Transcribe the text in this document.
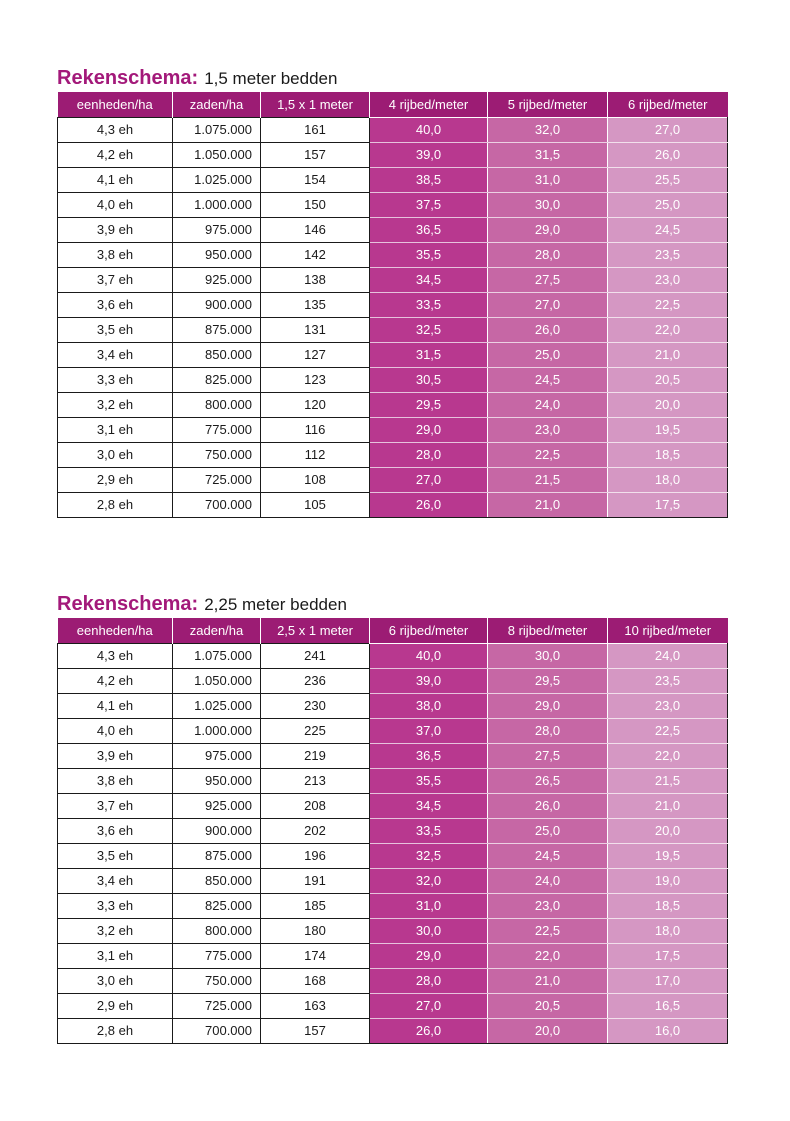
Rekenschema: 1,5 meter bedden
eenheden/ha	zaden/ha	1,5 x 1 meter	4 rijbed/meter	5 rijbed/meter	6 rijbed/meter
4,3 eh	1.075.000	161	40,0	32,0	27,0
4,2 eh	1.050.000	157	39,0	31,5	26,0
4,1 eh	1.025.000	154	38,5	31,0	25,5
4,0 eh	1.000.000	150	37,5	30,0	25,0
3,9 eh	975.000	146	36,5	29,0	24,5
3,8 eh	950.000	142	35,5	28,0	23,5
3,7 eh	925.000	138	34,5	27,5	23,0
3,6 eh	900.000	135	33,5	27,0	22,5
3,5 eh	875.000	131	32,5	26,0	22,0
3,4 eh	850.000	127	31,5	25,0	21,0
3,3 eh	825.000	123	30,5	24,5	20,5
3,2 eh	800.000	120	29,5	24,0	20,0
3,1 eh	775.000	116	29,0	23,0	19,5
3,0 eh	750.000	112	28,0	22,5	18,5
2,9 eh	725.000	108	27,0	21,5	18,0
2,8 eh	700.000	105	26,0	21,0	17,5
Rekenschema: 2,25 meter bedden
eenheden/ha	zaden/ha	2,5 x 1 meter	6 rijbed/meter	8 rijbed/meter	10 rijbed/meter
4,3 eh	1.075.000	241	40,0	30,0	24,0
4,2 eh	1.050.000	236	39,0	29,5	23,5
4,1 eh	1.025.000	230	38,0	29,0	23,0
4,0 eh	1.000.000	225	37,0	28,0	22,5
3,9 eh	975.000	219	36,5	27,5	22,0
3,8 eh	950.000	213	35,5	26,5	21,5
3,7 eh	925.000	208	34,5	26,0	21,0
3,6 eh	900.000	202	33,5	25,0	20,0
3,5 eh	875.000	196	32,5	24,5	19,5
3,4 eh	850.000	191	32,0	24,0	19,0
3,3 eh	825.000	185	31,0	23,0	18,5
3,2 eh	800.000	180	30,0	22,5	18,0
3,1 eh	775.000	174	29,0	22,0	17,5
3,0 eh	750.000	168	28,0	21,0	17,0
2,9 eh	725.000	163	27,0	20,5	16,5
2,8 eh	700.000	157	26,0	20,0	16,0
